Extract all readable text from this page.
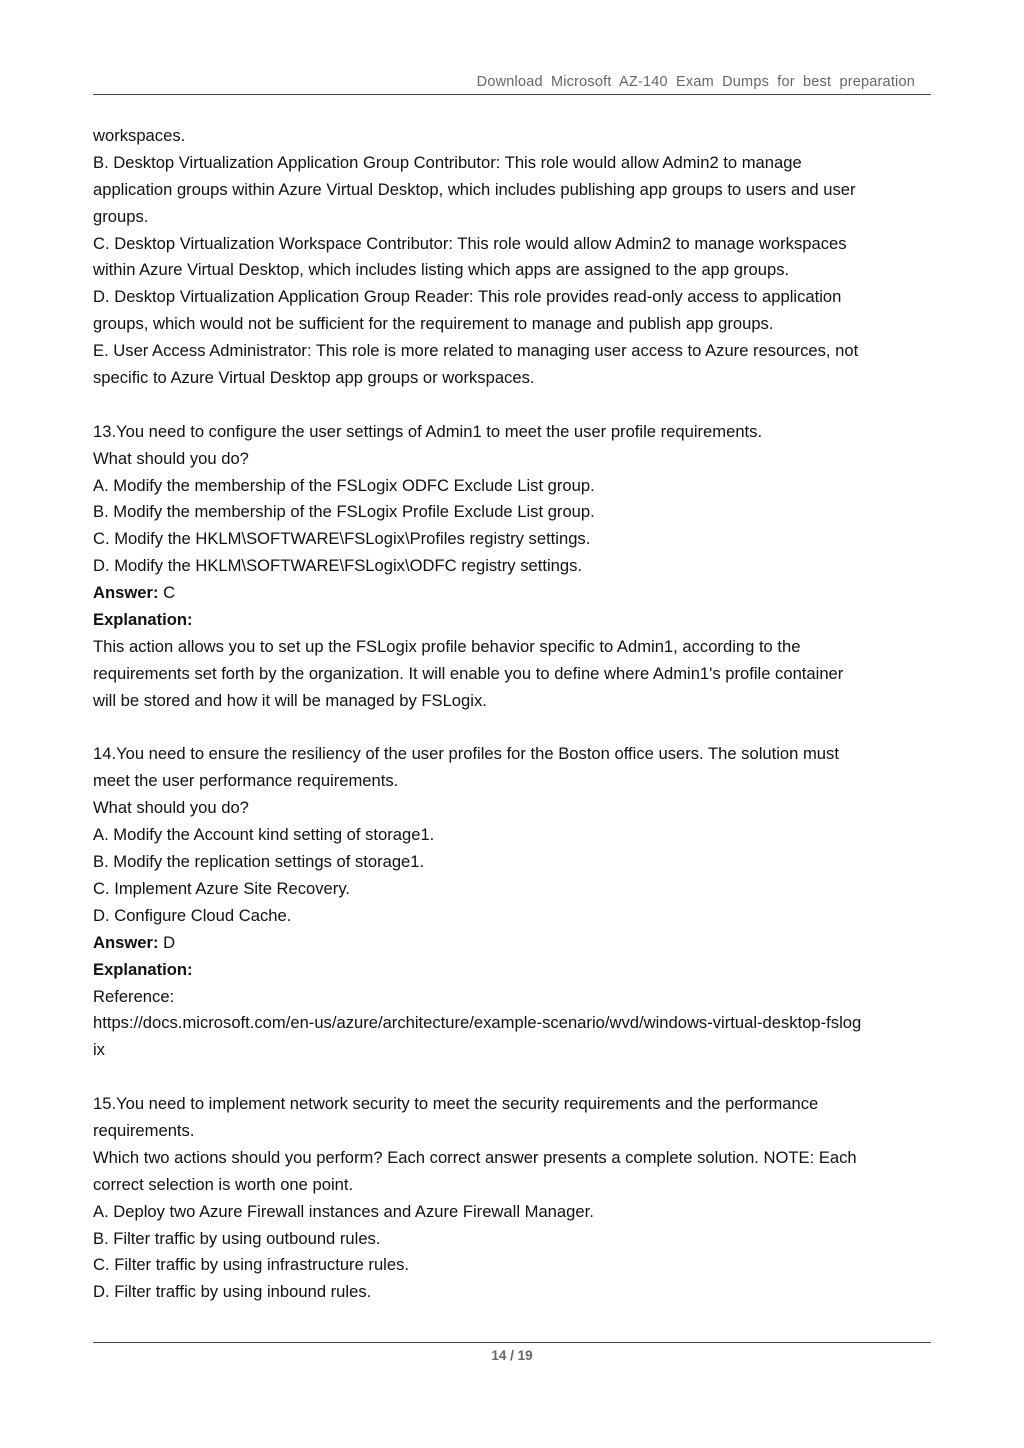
Download Microsoft AZ-140 Exam Dumps for best preparation
workspaces.
B. Desktop Virtualization Application Group Contributor: This role would allow Admin2 to manage
application groups within Azure Virtual Desktop, which includes publishing app groups to users and user
groups.
C. Desktop Virtualization Workspace Contributor: This role would allow Admin2 to manage workspaces
within Azure Virtual Desktop, which includes listing which apps are assigned to the app groups.
D. Desktop Virtualization Application Group Reader: This role provides read-only access to application
groups, which would not be sufficient for the requirement to manage and publish app groups.
E. User Access Administrator: This role is more related to managing user access to Azure resources, not
specific to Azure Virtual Desktop app groups or workspaces.
13.You need to configure the user settings of Admin1 to meet the user profile requirements.
What should you do?
A. Modify the membership of the FSLogix ODFC Exclude List group.
B. Modify the membership of the FSLogix Profile Exclude List group.
C. Modify the HKLM\SOFTWARE\FSLogix\Profiles registry settings.
D. Modify the HKLM\SOFTWARE\FSLogix\ODFC registry settings.
Answer: C
Explanation:
This action allows you to set up the FSLogix profile behavior specific to Admin1, according to the
requirements set forth by the organization. It will enable you to define where Admin1's profile container
will be stored and how it will be managed by FSLogix.
14.You need to ensure the resiliency of the user profiles for the Boston office users. The solution must
meet the user performance requirements.
What should you do?
A. Modify the Account kind setting of storage1.
B. Modify the replication settings of storage1.
C. Implement Azure Site Recovery.
D. Configure Cloud Cache.
Answer: D
Explanation:
Reference:
https://docs.microsoft.com/en-us/azure/architecture/example-scenario/wvd/windows-virtual-desktop-fslog
ix
15.You need to implement network security to meet the security requirements and the performance
requirements.
Which two actions should you perform? Each correct answer presents a complete solution. NOTE: Each
correct selection is worth one point.
A. Deploy two Azure Firewall instances and Azure Firewall Manager.
B. Filter traffic by using outbound rules.
C. Filter traffic by using infrastructure rules.
D. Filter traffic by using inbound rules.
14 / 19
